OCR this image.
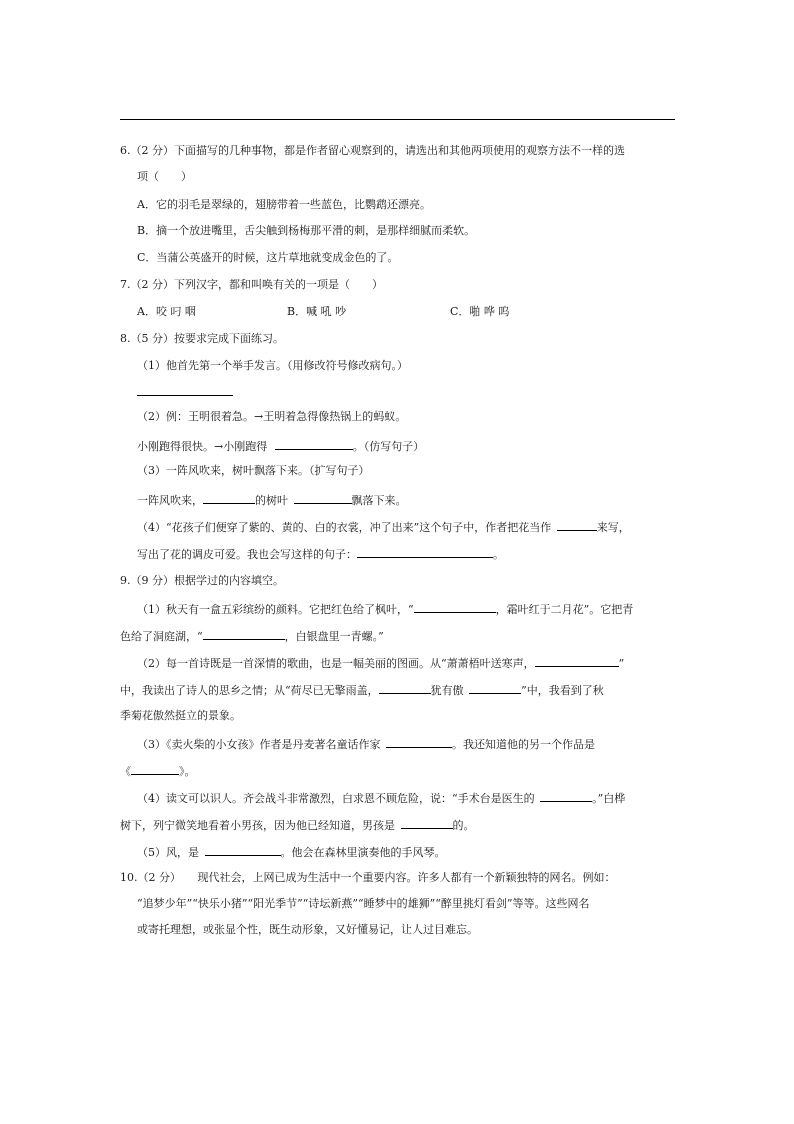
6.（2 分）下面描写的几种事物，都是作者留心观察到的，请选出和其他两项使用的观察方法不一样的选
项（　　）
A．它的羽毛是翠绿的，翅膀带着一些蓝色，比鹦鹉还漂亮。
B．摘一个放进嘴里，舌尖触到杨梅那平滑的刺，是那样细腻而柔软。
C．当蒲公英盛开的时候，这片草地就变成金色的了。
7.（2 分）下列汉字，都和叫唤有关的一项是（　　）
A．咬 叼 咽	B．喊 吼 吵	C．啪 哗 呜
8.（5 分）按要求完成下面练习。
（1）他首先第一个举手发言。（用修改符号修改病句。）
（2）例：王明很着急。→王明着急得像热锅上的蚂蚁。
小刚跑得很快。→小刚跑得	。（仿写句子）
（3）一阵风吹来，树叶飘落下来。（扩写句子）
一阵风吹来，	的树叶	飘落下来。
（4）“花孩子们便穿了紫的、黄的、白的衣裳，冲了出来”这个句子中，作者把花当作	来写，
写出了花的调皮可爱。我也会写这样的句子：	。
9.（9 分）根据学过的内容填空。
（1）秋天有一盒五彩缤纷的颜料。它把红色给了枫叶，“	，霜叶红于二月花”。它把青
色给了洞庭湖，“	，白银盘里一青螺。”
（2）每一首诗既是一首深情的歌曲，也是一幅美丽的图画。从“萧萧梧叶送寒声，	”
中，我读出了诗人的思乡之情；从“荷尽已无擎雨盖，	犹有傲	”中，我看到了秋
季菊花傲然挺立的景象。
（3）《卖火柴的小女孩》作者是丹麦著名童话作家	。我还知道他的另一个作品是
《	》。
（4）读文可以识人。齐会战斗非常激烈，白求恩不顾危险，说：“手术台是医生的	。”白桦
树下，列宁微笑地看着小男孩，因为他已经知道，男孩是	的。
（5）风，是	。他会在森林里演奏他的手风琴。
10.（2 分）　　现代社会，上网已成为生活中一个重要内容。许多人都有一个新颖独特的网名。例如：
“追梦少年”“快乐小猪”“阳光季节”“诗坛新燕”“睡梦中的雄狮”“醉里挑灯看剑”等等。这些网名
或寄托理想，或张显个性，既生动形象，又好懂易记，让人过目难忘。
